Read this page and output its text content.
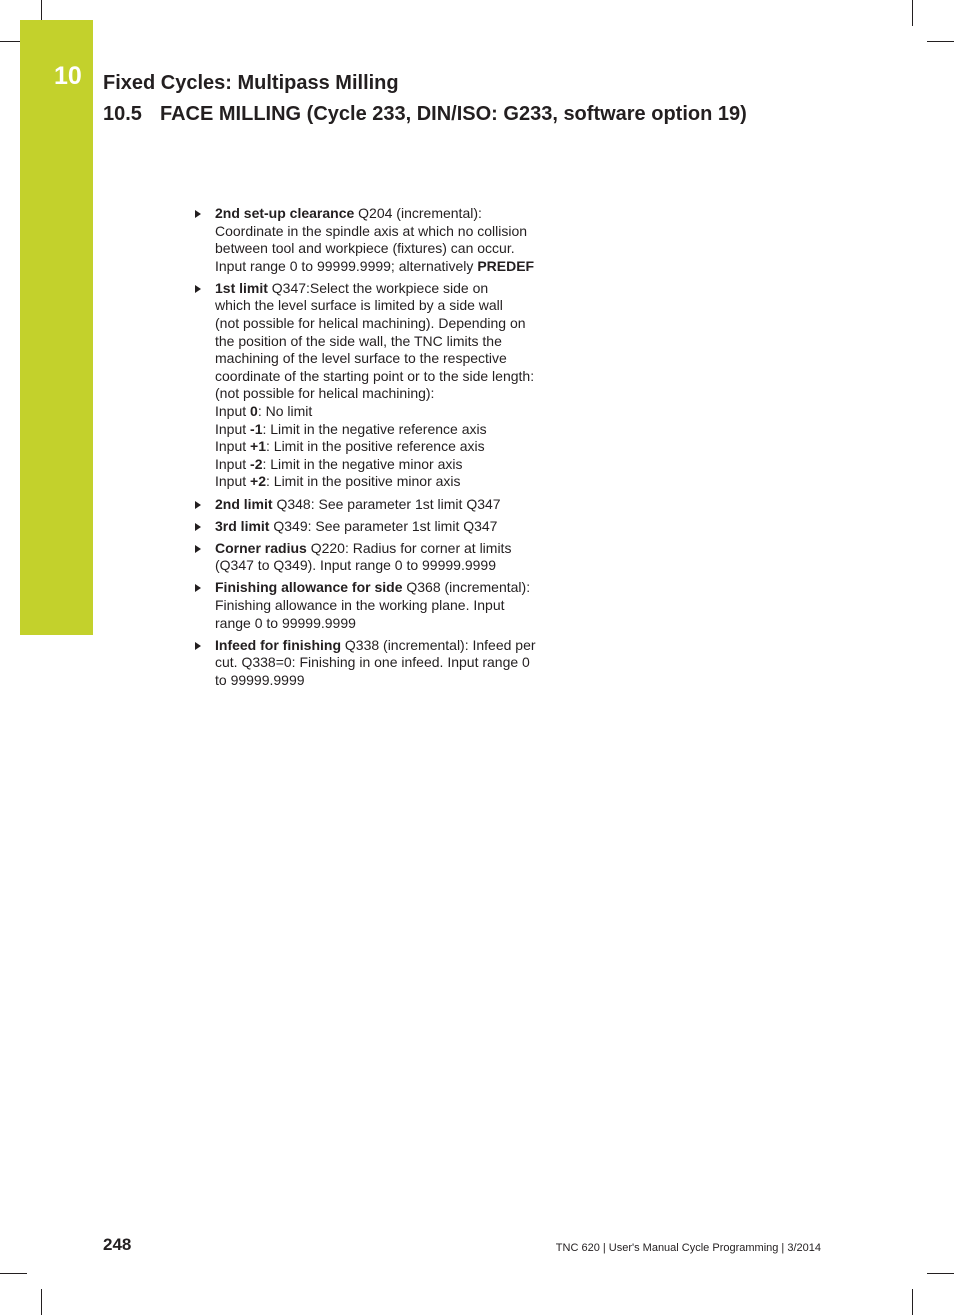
10 Fixed Cycles: Multipass Milling
10.5 FACE MILLING (Cycle 233, DIN/ISO: G233, software option 19)
2nd set-up clearance Q204 (incremental):
Coordinate in the spindle axis at which no collision
between tool and workpiece (fixtures) can occur.
Input range 0 to 99999.9999; alternatively PREDEF
1st limit Q347:Select the workpiece side on
which the level surface is limited by a side wall
(not possible for helical machining). Depending on
the position of the side wall, the TNC limits the
machining of the level surface to the respective
coordinate of the starting point or to the side length:
(not possible for helical machining):
Input 0: No limit
Input -1: Limit in the negative reference axis
Input +1: Limit in the positive reference axis
Input -2: Limit in the negative minor axis
Input +2: Limit in the positive minor axis
2nd limit Q348: See parameter 1st limit Q347
3rd limit Q349: See parameter 1st limit Q347
Corner radius Q220: Radius for corner at limits
(Q347 to Q349). Input range 0 to 99999.9999
Finishing allowance for side Q368 (incremental):
Finishing allowance in the working plane. Input
range 0 to 99999.9999
Infeed for finishing Q338 (incremental): Infeed per
cut. Q338=0: Finishing in one infeed. Input range 0
to 99999.9999
248	TNC 620 | User's Manual Cycle Programming | 3/2014
